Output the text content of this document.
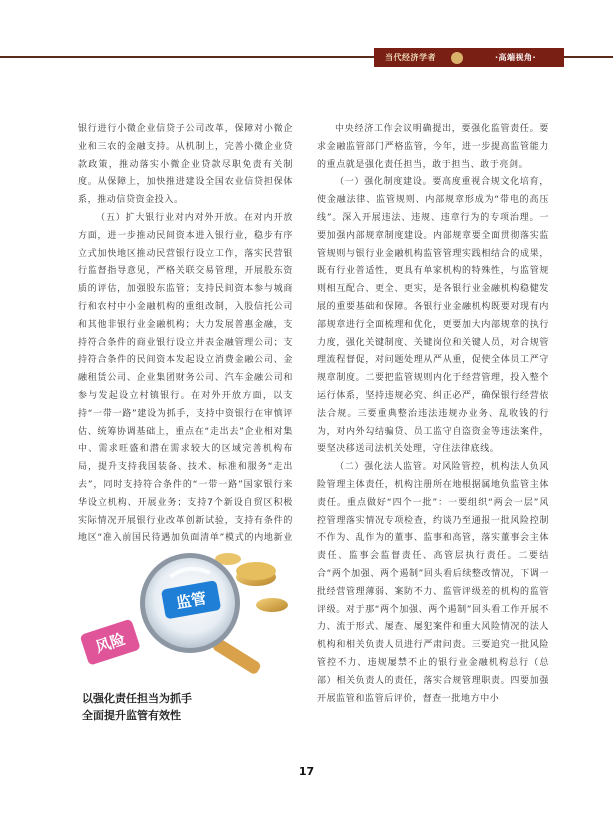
当代经济学者	·高端视角·

银行进行小微企业信贷子公司改革，保障对小微企业和三农的金融支持。从机制上，完善小微企业贷款政策，推动落实小微企业贷款尽职免责有关制度。从保障上，加快推进建设全国农业信贷担保体系，推动信贷资金投入。

（五）扩大银行业对内对外开放。在对内开放方面，进一步推动民间资本进入银行业，稳步有序立式加快地区推动民营银行设立工作，落实民营银行监督指导意见，严格关联交易管理，开展股东资质的评估，加强股东监管；支持民间资本参与城商行和农村中小金融机构的重组改制，入股信托公司和其他非银行业金融机构；大力发展普惠金融，支持符合条件的商业银行设立并表金融管理公司；支持符合条件的民间资本发起设立消费金融公司、金融租赁公司、企业集团财务公司、汽车金融公司和参与发起设立村镇银行。在对外开放方面，以支持“一带一路”建设为抓手，支持中资银行在审慎评估、统筹协调基础上，重点在“走出去”企业相对集中、需求旺盛和潜在需求较大的区域完善机构布局，提升支持我国装备、技术、标准和服务“走出去”，同时支持符合条件的“一带一路”国家银行来华设立机构、开展业务；支持7个新设自贸区积极实际情况开展银行业改革创新试验，支持有条件的地区“准入前国民待遇加负面清单”模式的内地新业

中央经济工作会议明确提出，要强化监管责任。要求金融监管部门严格监管，今年，进一步提高监管能力的重点就是强化责任担当，敢于担当、敢于亮剑。

（一）强化制度建设。要高度重视合规文化培育，使金融法律、监管规则、内部规章形成为“带电的高压线”。深入开展违法、违规、违章行为的专项治理。一要加强内部规章制度建设。内部规章要全面贯彻落实监管规则与银行业金融机构监管管理实践相结合的成果，既有行业普适性，更具有单家机构的特殊性，与监管规则相互配合、更全、更实，是各银行业金融机构稳健发展的重要基础和保障。各银行业金融机构既要对现有内部规章进行全面梳理和优化，更要加大内部规章的执行力度，强化关键制度、关键岗位和关键人员，对合规管理流程督促，对问题处理从严从重，促使全体员工严守规章制度。二要把监管规则内化于经营管理，投入整个运行体系，坚持违规必究、纠正必严，确保银行经营依法合规。三要重典整治违法违规办业务、乱收钱的行为，对内外勾结骗贷、员工监守自盗资金等违法案件，要坚决移送司法机关处理，守住法律底线。

（二）强化法人监管。对风险管控，机构法人负风险管理主体责任，机构注册所在地根据属地负监管主体责任。重点做好“四个一批”：一要组织“两会一层”风控管理落实情况专项检查，约谈乃至通报一批风险控制不作为、乱作为的董事、监事和高管，落实董事会主体责任、监事会监督责任、高管层执行责任。二要结合“两个加强、两个遏制”回头看后续整改情况，下调一批经营管理薄弱、案防不力、监管评级差的机构的监管评级。对于那“两个加强、两个遏制”回头看工作开展不力、流于形式、屡查、屡犯案件和重大风险情况的法人机构和相关负责人员进行严肃问责。三要追究一批风险管控不力、违规屡禁不止的银行业金融机构总行（总部）相关负责人的责任，落实合规管理职责。四要加强开展监管和监管后评价，督查一批地方中小

风险
监管
以强化责任担当为抓手
全面提升监管有效性
17
